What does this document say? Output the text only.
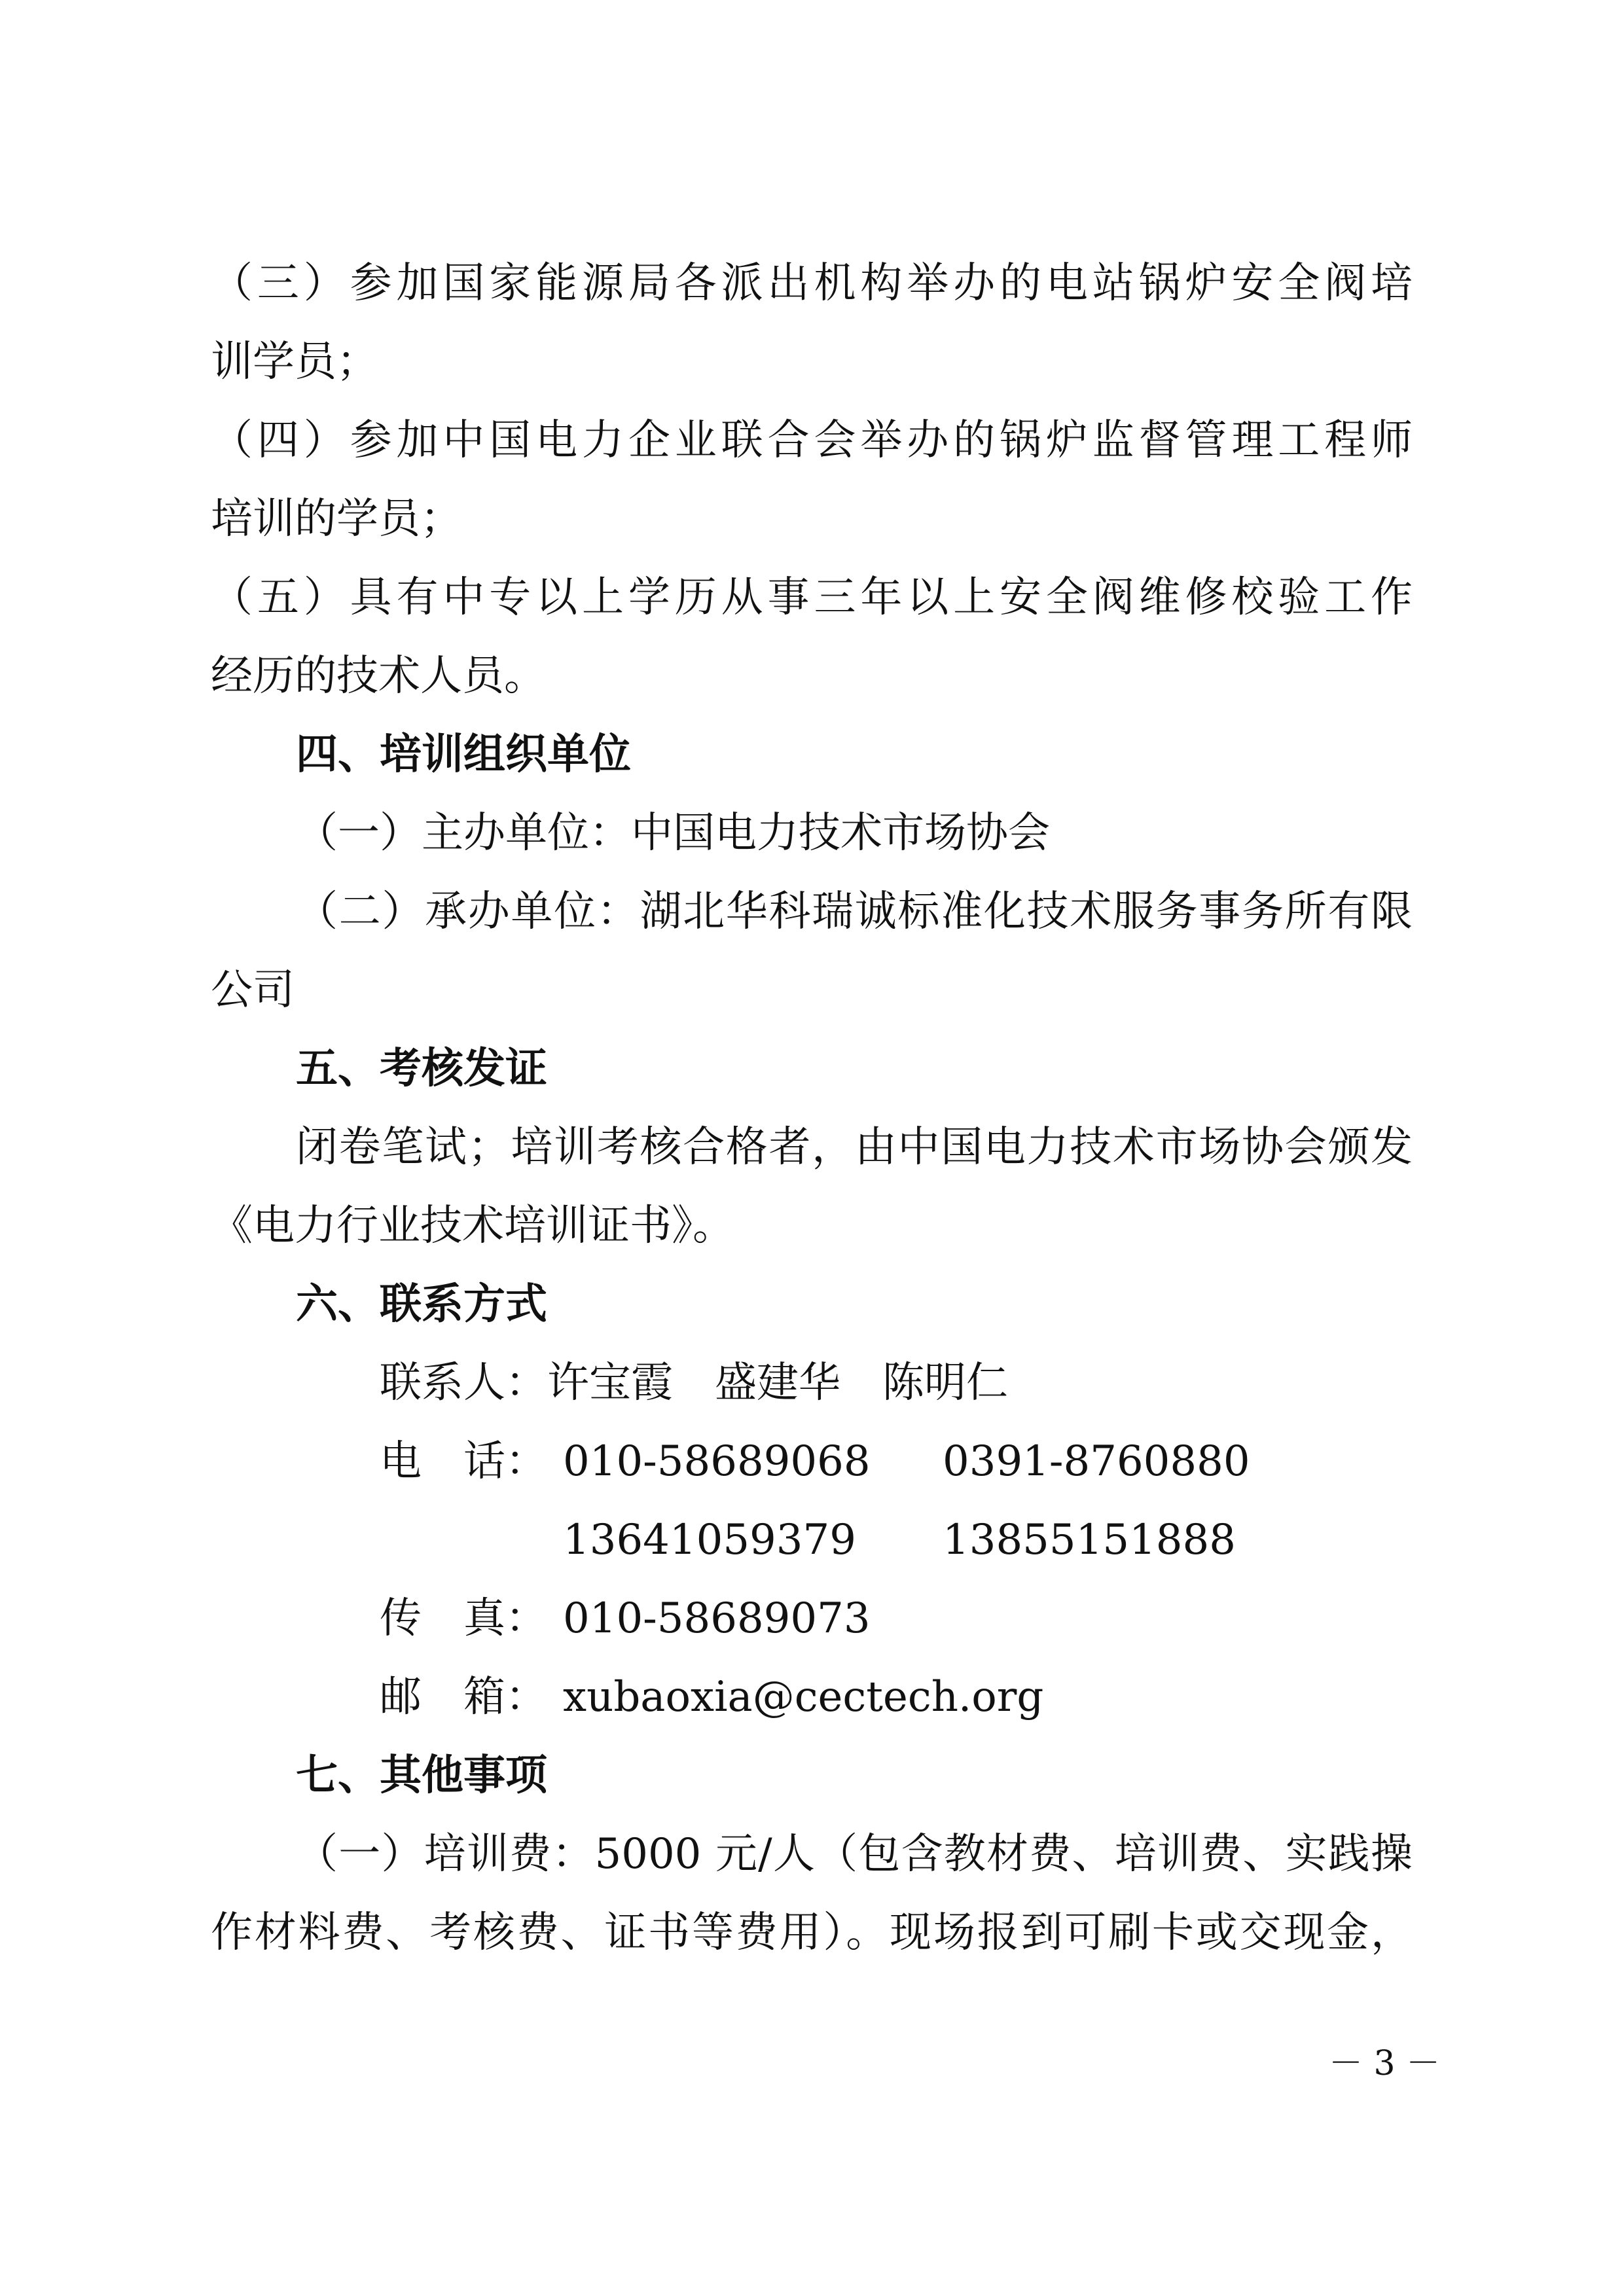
（三）参加国家能源局各派出机构举办的电站锅炉安全阀培
训学员；
（四）参加中国电力企业联合会举办的锅炉监督管理工程师
培训的学员；
（五）具有中专以上学历从事三年以上安全阀维修校验工作
经历的技术人员。
四、培训组织单位
（一）主办单位：中国电力技术市场协会
（二）承办单位：湖北华科瑞诚标准化技术服务事务所有限
公司
五、考核发证
闭卷笔试；培训考核合格者，由中国电力技术市场协会颁发
《电力行业技术培训证书》。
六、联系方式
联系人： 许宝霞　盛建华　陈明仁
电　话： 010-58689068 0391-8760880
13641059379 13855151888
传　真： 010-58689073
邮　箱： xubaoxia@cectech.org
七、其他事项
（一）培训费：5000 元/人（包含教材费、培训费、实践操
作材料费、考核费、证书等费用）。现场报到可刷卡或交现金，
－ 3 －
